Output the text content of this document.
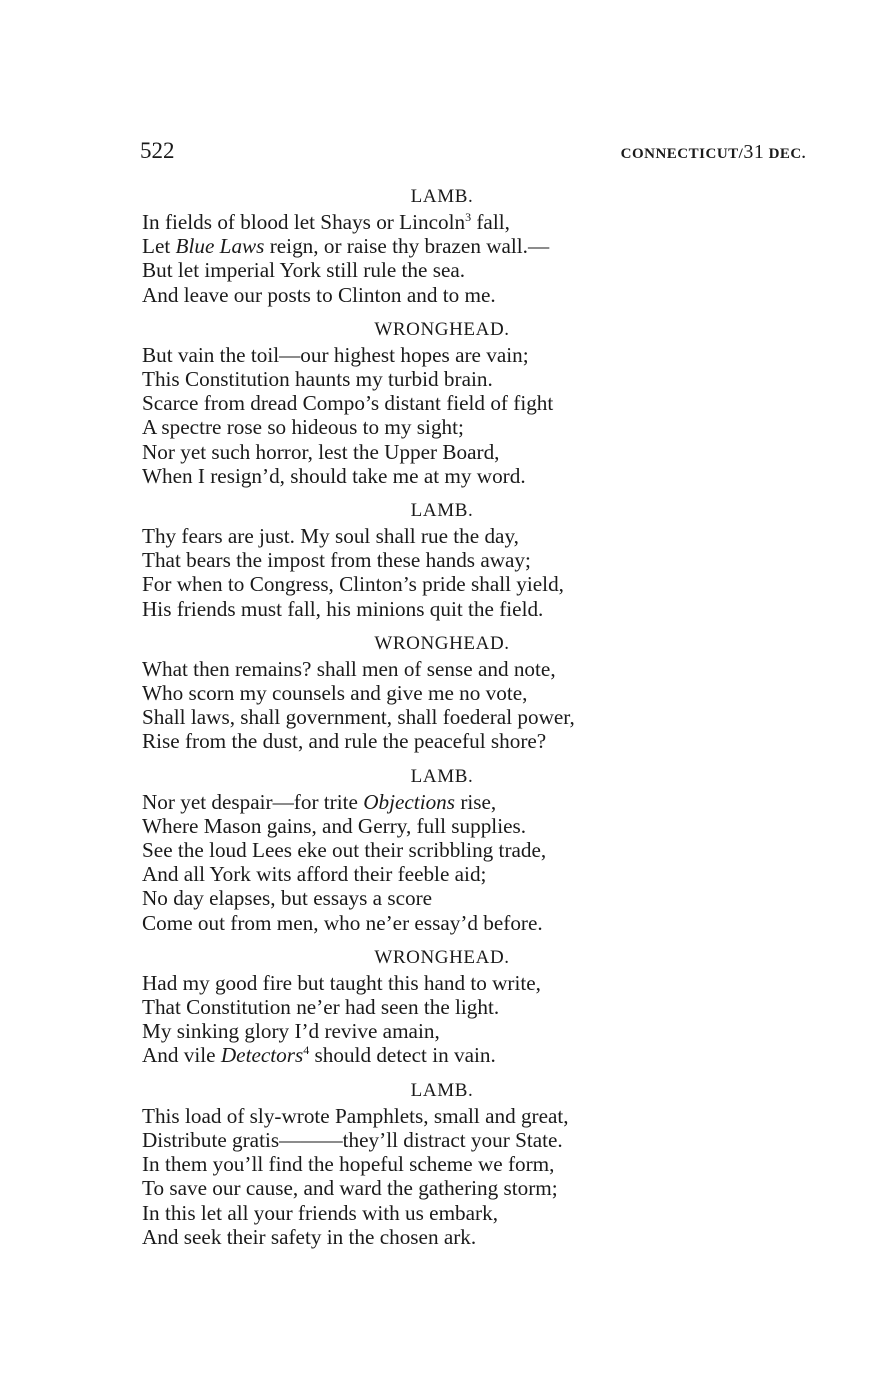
522	CONNECTICUT/31 DEC.

LAMB.

In fields of blood let Shays or Lincoln$^3$ fall,

Let Blue Laws reign, or raise thy brazen wall.—

But let imperial York still rule the sea.

And leave our posts to Clinton and to me.

WRONGHEAD.

But vain the toil—our highest hopes are vain;

This Constitution haunts my turbid brain.

Scarce from dread Compo’s distant field of fight

A spectre rose so hideous to my sight;

Nor yet such horror, lest the Upper Board,

When I resign’d, should take me at my word.

LAMB.

Thy fears are just. My soul shall rue the day,

That bears the impost from these hands away;

For when to Congress, Clinton’s pride shall yield,

His friends must fall, his minions quit the field.

WRONGHEAD.

What then remains? shall men of sense and note,

Who scorn my counsels and give me no vote,

Shall laws, shall government, shall foederal power,

Rise from the dust, and rule the peaceful shore?

LAMB.

Nor yet despair—for trite Objections rise,

Where Mason gains, and Gerry, full supplies.

See the loud Lees eke out their scribbling trade,

And all York wits afford their feeble aid;

No day elapses, but essays a score

Come out from men, who ne’er essay’d before.

WRONGHEAD.

Had my good fire but taught this hand to write,

That Constitution ne’er had seen the light.

My sinking glory I’d revive amain,

And vile Detectors$^4$ should detect in vain.

LAMB.

This load of sly-wrote Pamphlets, small and great,

Distribute gratis———they’ll distract your State.

In them you’ll find the hopeful scheme we form,

To save our cause, and ward the gathering storm;

In this let all your friends with us embark,

And seek their safety in the chosen ark.
